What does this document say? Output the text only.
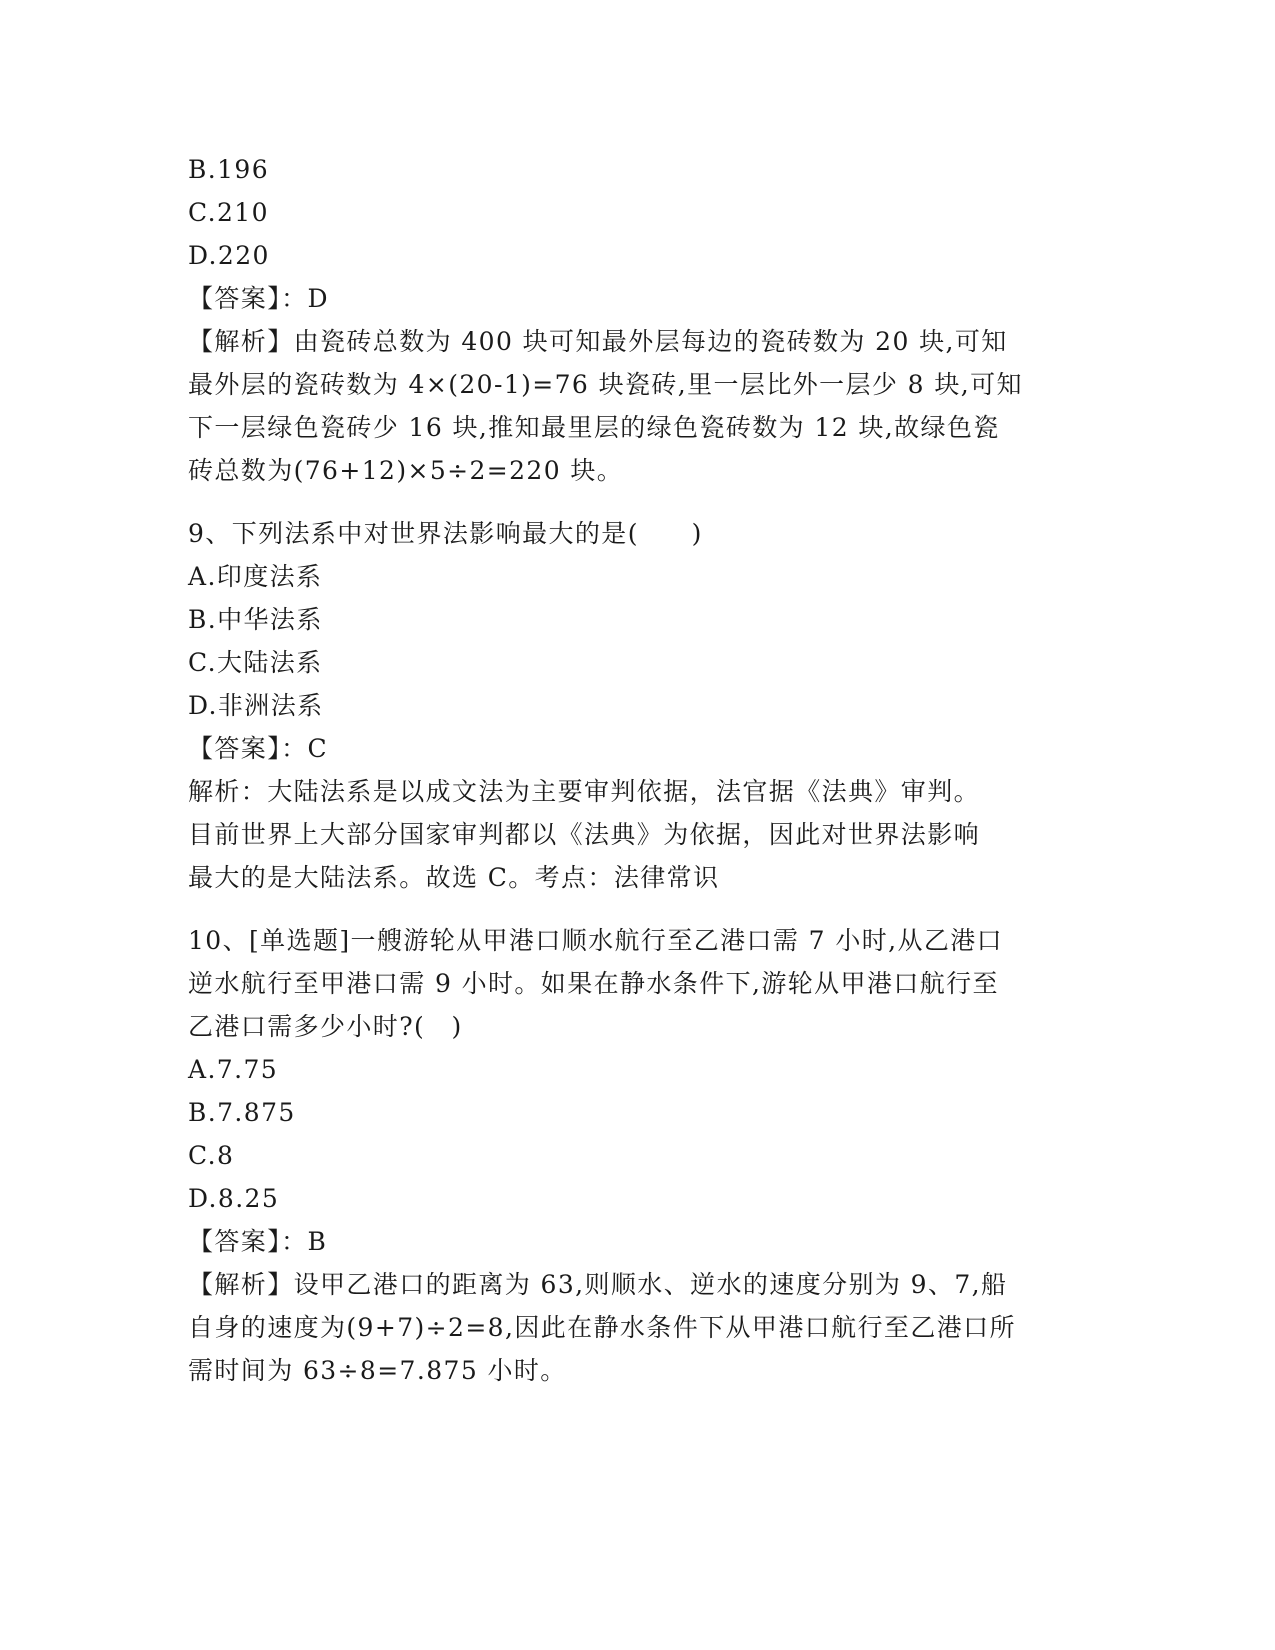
B.196
C.210
D.220
【答案】：D
【解析】由瓷砖总数为 400 块可知最外层每边的瓷砖数为 20 块,可知
最外层的瓷砖数为 4×(20-1)=76 块瓷砖,里一层比外一层少 8 块,可知
下一层绿色瓷砖少 16 块,推知最里层的绿色瓷砖数为 12 块,故绿色瓷
砖总数为(76+12)×5÷2=220 块。
9、下列法系中对世界法影响最大的是(　　)
A.印度法系
B.中华法系
C.大陆法系
D.非洲法系
【答案】：C
解析：大陆法系是以成文法为主要审判依据，法官据《法典》审判。
目前世界上大部分国家审判都以《法典》为依据，因此对世界法影响
最大的是大陆法系。故选 C。考点：法律常识
10、[单选题]一艘游轮从甲港口顺水航行至乙港口需 7 小时,从乙港口
逆水航行至甲港口需 9 小时。如果在静水条件下,游轮从甲港口航行至
乙港口需多少小时?(　)
A.7.75
B.7.875
C.8
D.8.25
【答案】：B
【解析】设甲乙港口的距离为 63,则顺水、逆水的速度分别为 9、7,船
自身的速度为(9+7)÷2=8,因此在静水条件下从甲港口航行至乙港口所
需时间为 63÷8=7.875 小时。
